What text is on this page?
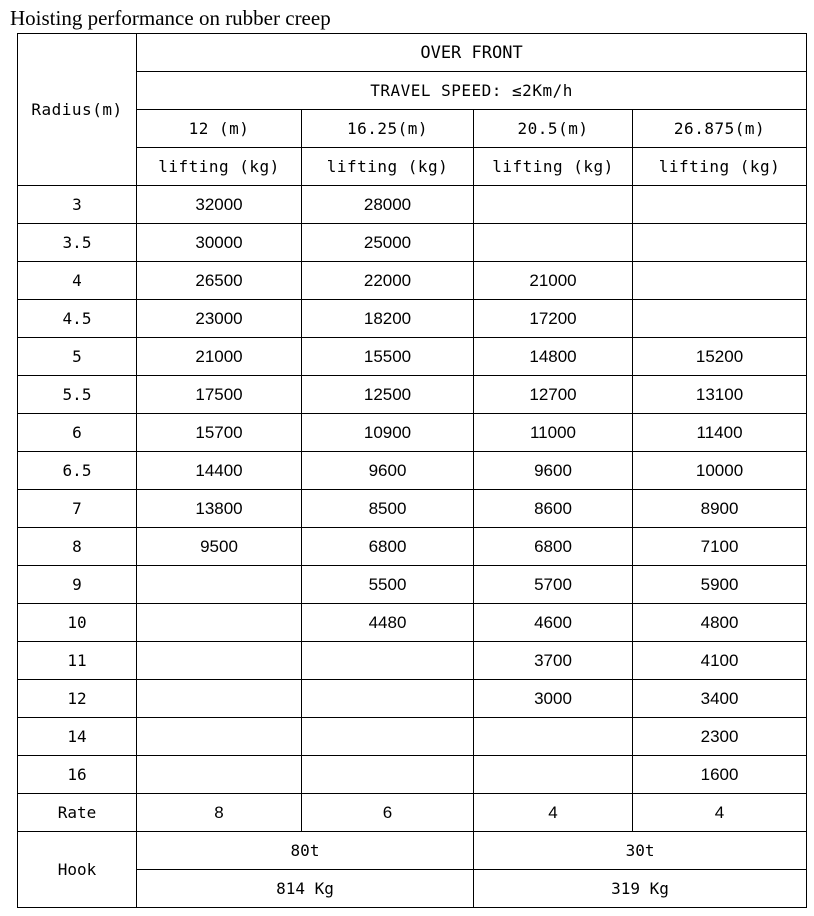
Hoisting performance on rubber creep
Radius(m)	OVER FRONT			
	TRAVEL SPEED: ≤2Km/h			
	12 (m)	16.25(m)	20.5(m)	26.875(m)
	lifting (kg)	lifting (kg)	lifting (kg)	lifting (kg)
3	32000	28000		
3.5	30000	25000		
4	26500	22000	21000	
4.5	23000	18200	17200	
5	21000	15500	14800	15200
5.5	17500	12500	12700	13100
6	15700	10900	11000	11400
6.5	14400	9600	9600	10000
7	13800	8500	8600	8900
8	9500	6800	6800	7100
9		5500	5700	5900
10		4480	4600	4800
11			3700	4100
12			3000	3400
14				2300
16				1600
Rate	8	6	4	4
Hook	80t		30t	
	814 Kg		319 Kg	
